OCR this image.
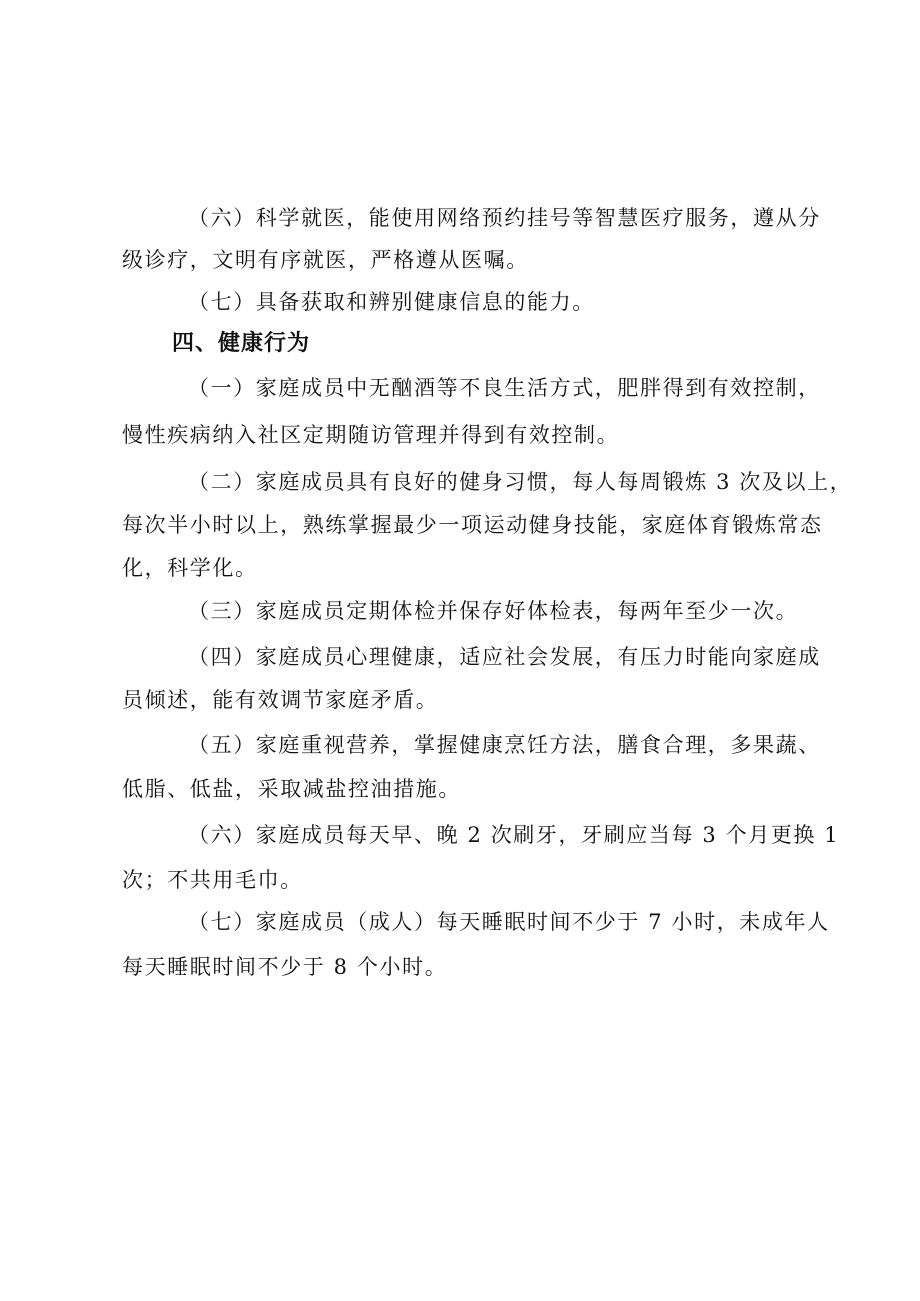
（六）科学就医，能使用网络预约挂号等智慧医疗服务，遵从分
级诊疗，文明有序就医，严格遵从医嘱。
（七）具备获取和辨别健康信息的能力。
四、健康行为
（一）家庭成员中无酗酒等不良生活方式，肥胖得到有效控制，
慢性疾病纳入社区定期随访管理并得到有效控制。
（二）家庭成员具有良好的健身习惯，每人每周锻炼 3 次及以上，
每次半小时以上，熟练掌握最少一项运动健身技能，家庭体育锻炼常态
化，科学化。
（三）家庭成员定期体检并保存好体检表，每两年至少一次。
（四）家庭成员心理健康，适应社会发展，有压力时能向家庭成
员倾述，能有效调节家庭矛盾。
（五）家庭重视营养，掌握健康烹饪方法，膳食合理，多果蔬、
低脂、低盐，采取减盐控油措施。
（六）家庭成员每天早、晚 2 次刷牙，牙刷应当每 3 个月更换 1
次；不共用毛巾。
（七）家庭成员（成人）每天睡眠时间不少于 7 小时，未成年人
每天睡眠时间不少于 8 个小时。
